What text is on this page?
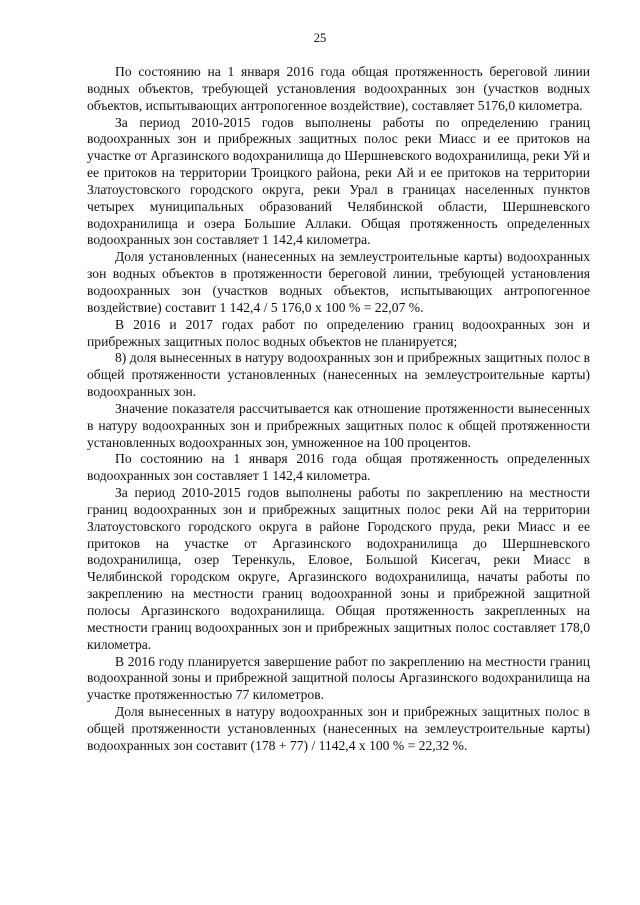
25

По состоянию на 1 января 2016 года общая протяженность береговой линии водных объектов, требующей установления водоохранных зон (участков водных объектов, испытывающих антропогенное воздействие), составляет 5176,0 километра.

За период 2010-2015 годов выполнены работы по определению границ водоохранных зон и прибрежных защитных полос реки Миасс и ее притоков на участке от Аргазинского водохранилища до Шершневского водохранилища, реки Уй и ее притоков на территории Троицкого района, реки Ай и ее притоков на территории Златоустовского городского округа, реки Урал в границах населенных пунктов четырех муниципальных образований Челябинской области, Шершневского водохранилища и озера Большие Аллаки. Общая протяженность определенных водоохранных зон составляет 1 142,4 километра.

Доля установленных (нанесенных на землеустроительные карты) водоохранных зон водных объектов в протяженности береговой линии, требующей установления водоохранных зон (участков водных объектов, испытывающих антропогенное воздействие) составит 1 142,4 / 5 176,0 х 100 % = 22,07 %.

В 2016 и 2017 годах работ по определению границ водоохранных зон и прибрежных защитных полос водных объектов не планируется;

8) доля вынесенных в натуру водоохранных зон и прибрежных защитных полос в общей протяженности установленных (нанесенных на землеустроительные карты) водоохранных зон.

Значение показателя рассчитывается как отношение протяженности вынесенных в натуру водоохранных зон и прибрежных защитных полос к общей протяженности установленных водоохранных зон, умноженное на 100 процентов.

По состоянию на 1 января 2016 года общая протяженность определенных водоохранных зон составляет 1 142,4 километра.

За период 2010-2015 годов выполнены работы по закреплению на местности границ водоохранных зон и прибрежных защитных полос реки Ай на территории Златоустовского городского округа в районе Городского пруда, реки Миасс и ее притоков на участке от Аргазинского водохранилища до Шершневского водохранилища, озер Теренкуль, Еловое, Большой Кисегач, реки Миасс в Челябинской городском округе, Аргазинского водохранилища, начаты работы по закреплению на местности границ водоохранной зоны и прибрежной защитной полосы Аргазинского водохранилища. Общая протяженность закрепленных на местности границ водоохранных зон и прибрежных защитных полос составляет 178,0 километра.

В 2016 году планируется завершение работ по закреплению на местности границ водоохранной зоны и прибрежной защитной полосы Аргазинского водохранилища на участке протяженностью 77 километров.

Доля вынесенных в натуру водоохранных зон и прибрежных защитных полос в общей протяженности установленных (нанесенных на землеустроительные карты) водоохранных зон составит (178 + 77) / 1142,4 х 100 % = 22,32 %.
